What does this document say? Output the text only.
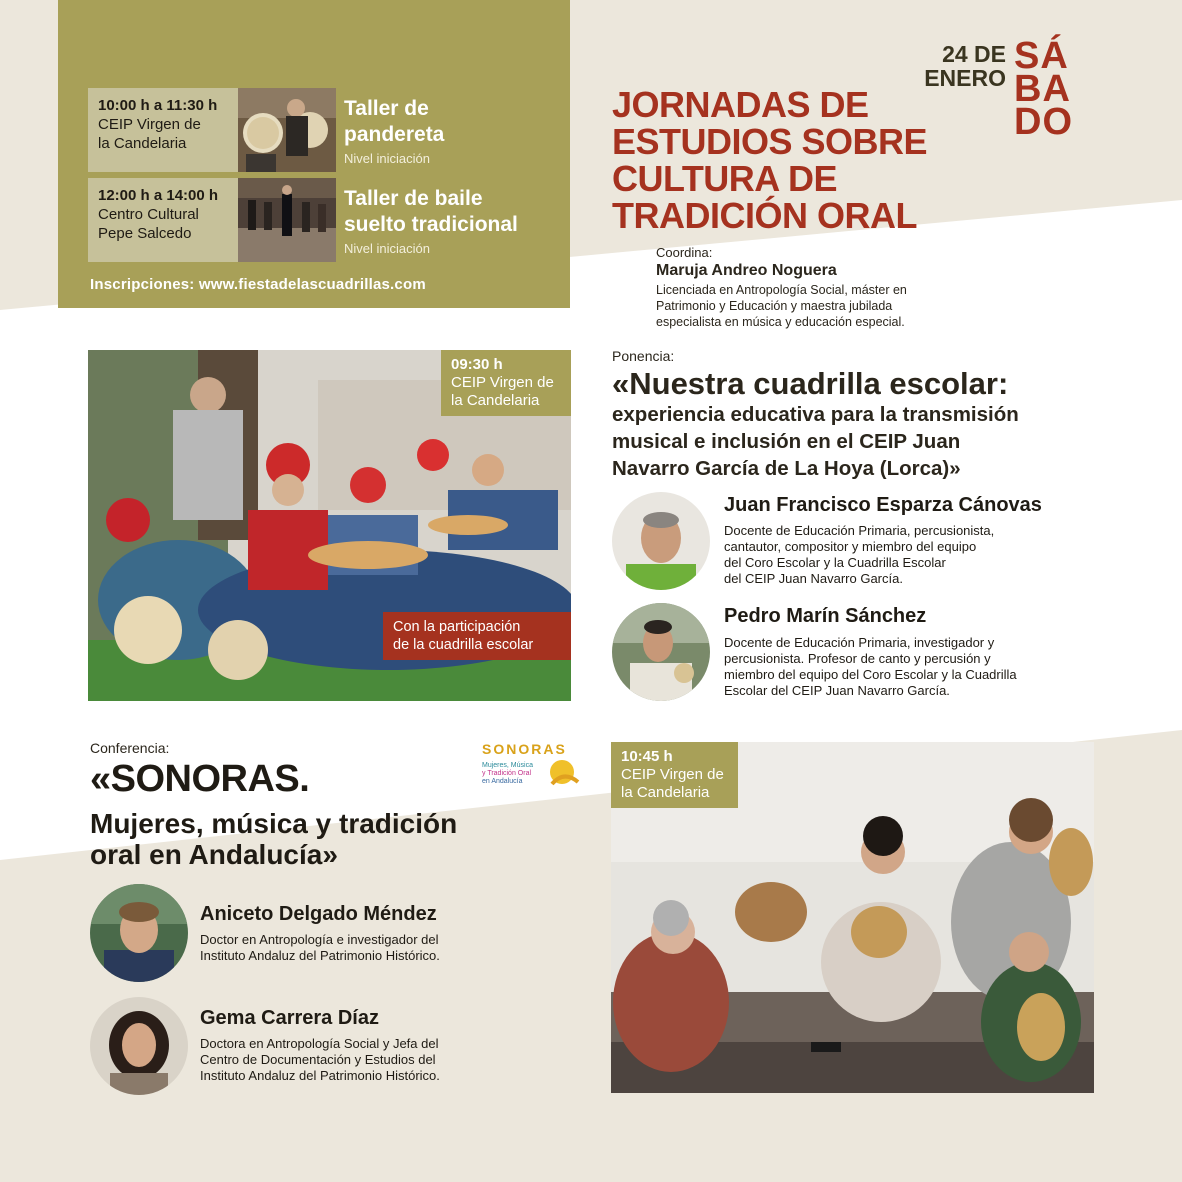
10:00 h a 11:30 h
CEIP Virgen de
la Candelaria
Taller de
pandereta
Nivel iniciación
12:00 h a 14:00 h
Centro Cultural
Pepe Salcedo
Taller de baile
suelto tradicional
Nivel iniciación
Inscripciones: www.fiestadelascuadrillas.com
24 DE
ENERO
SÁ
BA
DO
JORNADAS DE
ESTUDIOS SOBRE
CULTURA DE
TRADICIÓN ORAL
Coordina:
Maruja Andreo Noguera
Licenciada en Antropología Social, máster en
Patrimonio y Educación y maestra jubilada
especialista en música y educación especial.
09:30 h
CEIP Virgen de
la Candelaria
Con la participación
de la cuadrilla escolar
Ponencia:
«Nuestra cuadrilla escolar:
experiencia educativa para la transmisión
musical e inclusión en el CEIP Juan
Navarro García de La Hoya (Lorca)»
Juan Francisco Esparza Cánovas
Docente de Educación Primaria, percusionista,
cantautor, compositor y miembro del equipo
del Coro Escolar y la Cuadrilla Escolar
del CEIP Juan Navarro García.
Pedro Marín Sánchez
Docente de Educación Primaria, investigador y
percusionista. Profesor de canto y percusión y
miembro del equipo del Coro Escolar y la Cuadrilla
Escolar del CEIP Juan Navarro García.
Conferencia:
«SONORAS.
Mujeres, música y tradición
oral en Andalucía»
SONORAS
Mujeres, Música
y Tradición Oral
en Andalucía
Aniceto Delgado Méndez
Doctor en Antropología e investigador del
Instituto Andaluz del Patrimonio Histórico.
Gema Carrera Díaz
Doctora en Antropología Social y Jefa del
Centro de Documentación y Estudios del
Instituto Andaluz del Patrimonio Histórico.
10:45 h
CEIP Virgen de
la Candelaria
